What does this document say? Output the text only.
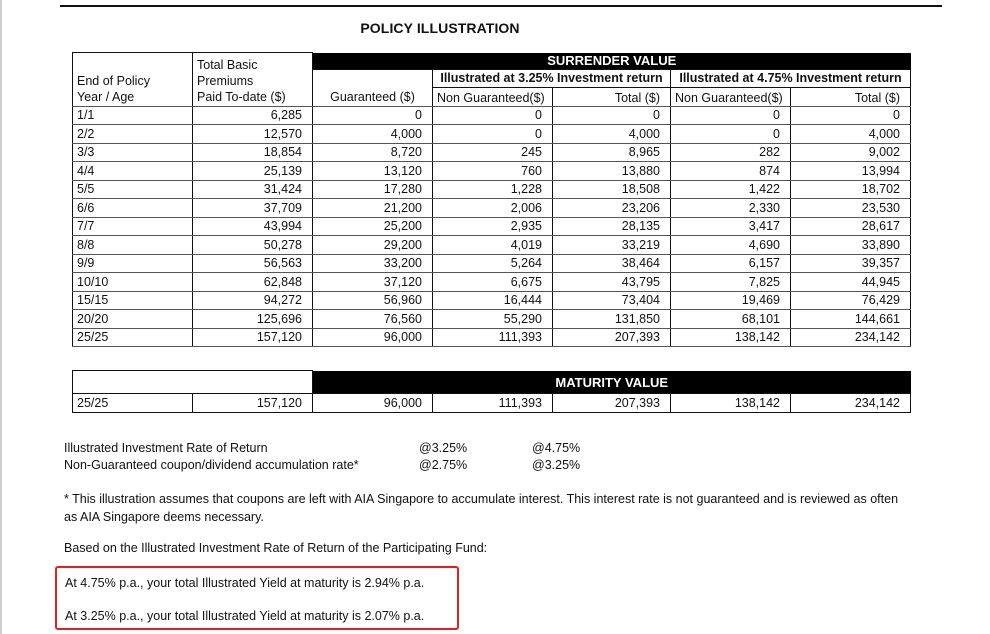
POLICY ILLUSTRATION
End of Policy
Year / Age

Total Basic
Premiums
Paid To-date ($)
	SURRENDER VALUE
		Guaranteed ($)	Illustrated at 3.25% Investment return		Illustrated at 4.75% Investment return	
			Non Guaranteed($)	Total ($)	Non Guaranteed($)	Total ($)
1/1	6,285	0	0	0	0	0
2/2	12,570	4,000	0	4,000	0	4,000
3/3	18,854	8,720	245	8,965	282	9,002
4/4	25,139	13,120	760	13,880	874	13,994
5/5	31,424	17,280	1,228	18,508	1,422	18,702
6/6	37,709	21,200	2,006	23,206	2,330	23,530
7/7	43,994	25,200	2,935	28,135	3,417	28,617
8/8	50,278	29,200	4,019	33,219	4,690	33,890
9/9	56,563	33,200	5,264	38,464	6,157	39,357
10/10	62,848	37,120	6,675	43,795	7,825	44,945
15/15	94,272	56,960	16,444	73,404	19,469	76,429
20/20	125,696	76,560	55,290	131,850	68,101	144,661
25/25	157,120	96,000	111,393	207,393	138,142	234,142
		MATURITY VALUE				
25/25	157,120	96,000	111,393	207,393	138,142	234,142
Illustrated Investment Rate of Return	@3.25%	@4.75%
Non-Guaranteed coupon/dividend accumulation rate*	@2.75%	@3.25%
* This illustration assumes that coupons are left with AIA Singapore to accumulate interest. This interest rate is not guaranteed and is reviewed as often as AIA Singapore deems necessary.
Based on the Illustrated Investment Rate of Return of the Participating Fund:
At 4.75% p.a., your total Illustrated Yield at maturity is 2.94% p.a.
At 3.25% p.a., your total Illustrated Yield at maturity is 2.07% p.a.
